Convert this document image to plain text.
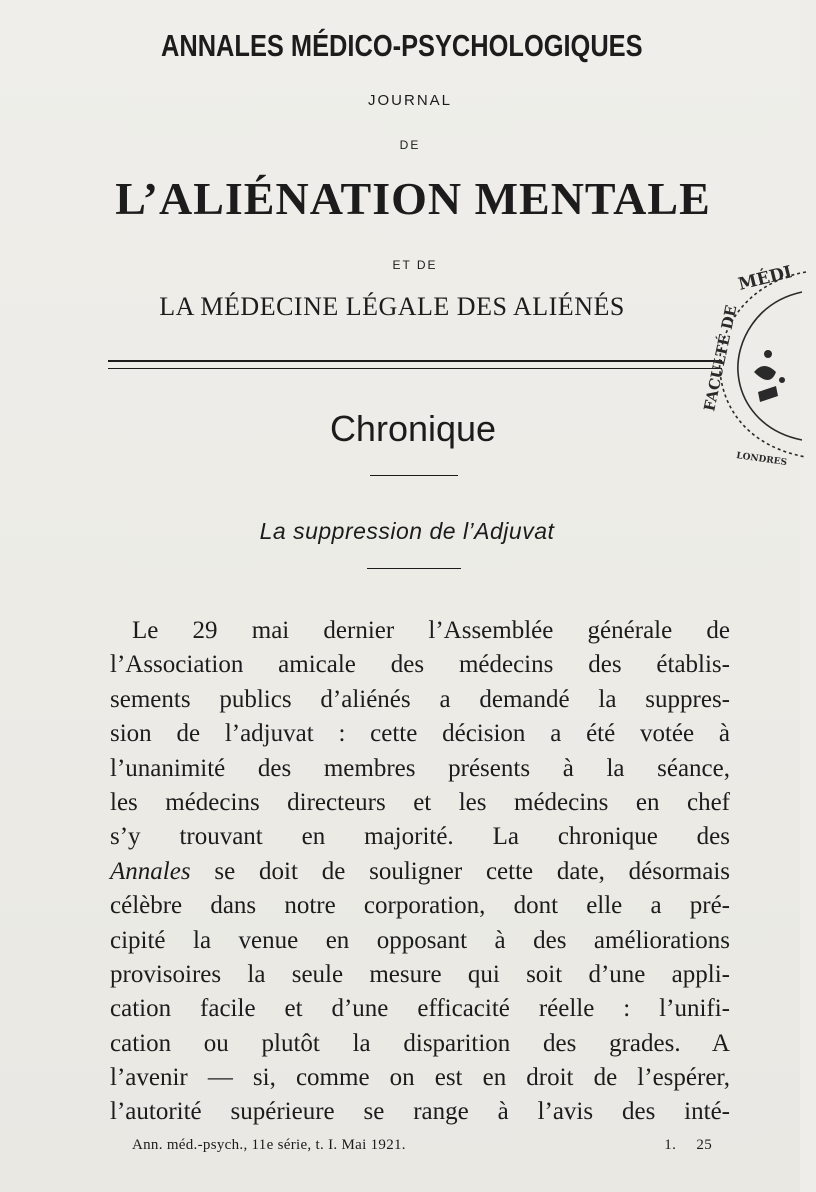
ANNALES MÉDICO-PSYCHOLOGIQUES
JOURNAL
DE
L’ALIÉNATION MENTALE
ET DE
LA MÉDECINE LÉGALE DES ALIÉNÉS
Chronique
La suppression de l’Adjuvat
Le 29 mai dernier l’Assemblée générale de
l’Association amicale des médecins des établis-
sements publics d’aliénés a demandé la suppres-
sion de l’adjuvat : cette décision a été votée à
l’unanimité des membres présents à la séance,
les médecins directeurs et les médecins en chef
s’y trouvant en majorité. La chronique des
Annales se doit de souligner cette date, désormais
célèbre dans notre corporation, dont elle a pré-
cipité la venue en opposant à des améliorations
provisoires la seule mesure qui soit d’une appli-
cation facile et d’une efficacité réelle : l’unifi-
cation ou plutôt la disparition des grades. A
l’avenir — si, comme on est en droit de l’espérer,
l’autorité supérieure se range à l’avis des inté-
Ann. méd.-psych., 11e série, t. I. Mai 1921.	1. 25
MÉDI
FACULTÉ DE
LONDRES
